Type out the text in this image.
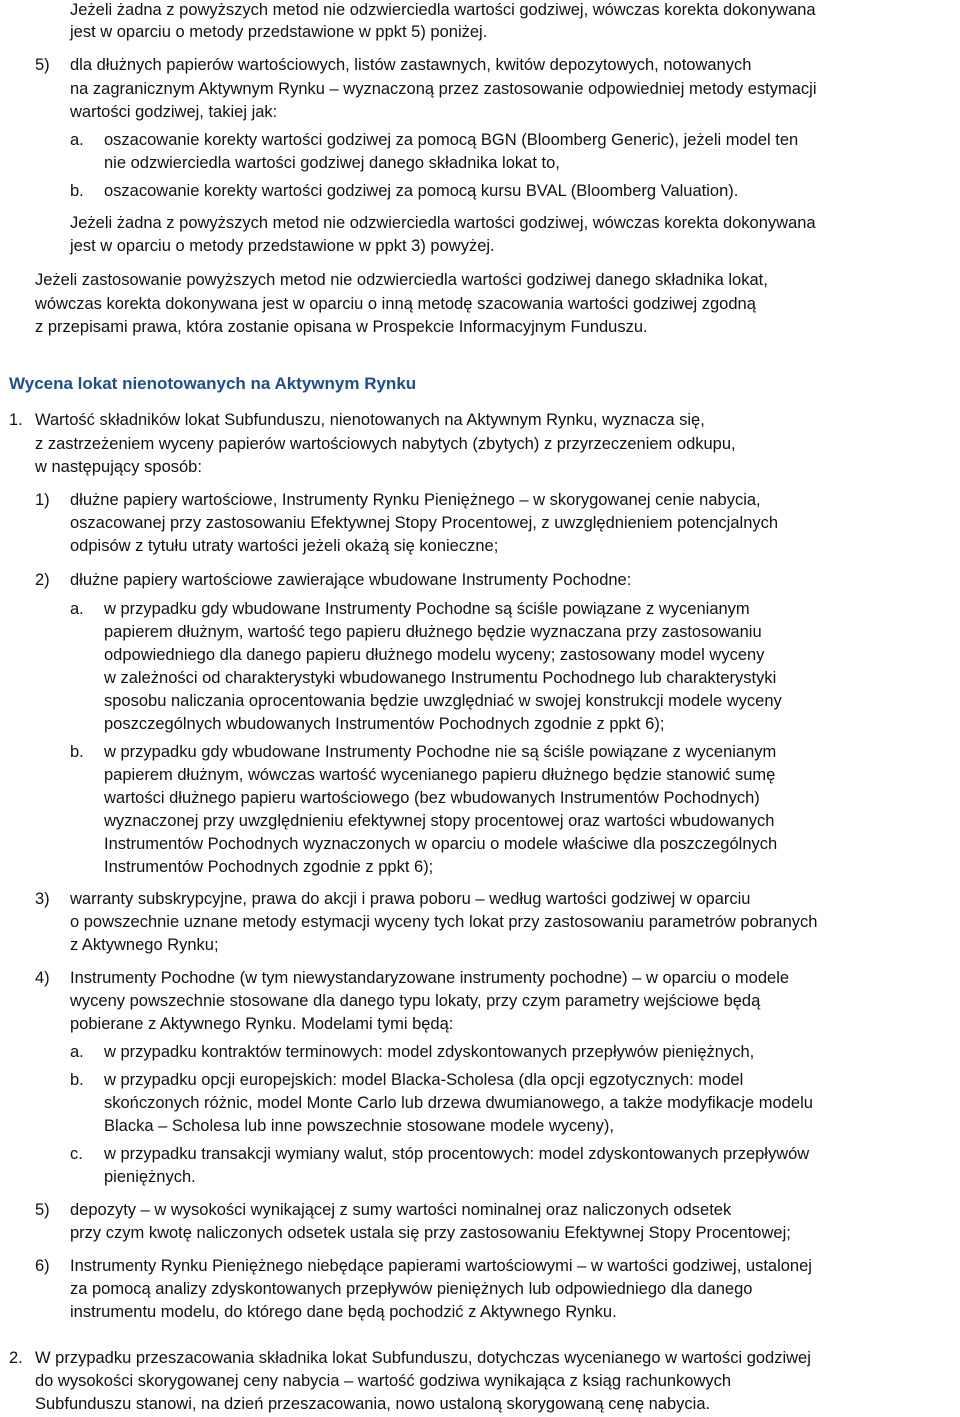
Jeżeli żadna z powyższych metod nie odzwierciedla wartości godziwej, wówczas korekta dokonywana
jest w oparciu o metody przedstawione w ppkt 5) poniżej.
5) dla dłużnych papierów wartościowych, listów zastawnych, kwitów depozytowych, notowanych
na zagranicznym Aktywnym Rynku – wyznaczoną przez zastosowanie odpowiedniej metody estymacji
wartości godziwej, takiej jak:
a. oszacowanie korekty wartości godziwej za pomocą BGN (Bloomberg Generic), jeżeli model ten
nie odzwierciedla wartości godziwej danego składnika lokat to,
b. oszacowanie korekty wartości godziwej za pomocą kursu BVAL (Bloomberg Valuation).
Jeżeli żadna z powyższych metod nie odzwierciedla wartości godziwej, wówczas korekta dokonywana
jest w oparciu o metody przedstawione w ppkt 3) powyżej.
Jeżeli zastosowanie powyższych metod nie odzwierciedla wartości godziwej danego składnika lokat,
wówczas korekta dokonywana jest w oparciu o inną metodę szacowania wartości godziwej zgodną
z przepisami prawa, która zostanie opisana w Prospekcie Informacyjnym Funduszu.
Wycena lokat nienotowanych na Aktywnym Rynku
1. Wartość składników lokat Subfunduszu, nienotowanych na Aktywnym Rynku, wyznacza się,
z zastrzeżeniem wyceny papierów wartościowych nabytych (zbytych) z przyrzeczeniem odkupu,
w następujący sposób:
1) dłużne papiery wartościowe, Instrumenty Rynku Pieniężnego – w skorygowanej cenie nabycia,
oszacowanej przy zastosowaniu Efektywnej Stopy Procentowej, z uwzględnieniem potencjalnych
odpisów z tytułu utraty wartości jeżeli okażą się konieczne;
2) dłużne papiery wartościowe zawierające wbudowane Instrumenty Pochodne:
a. w przypadku gdy wbudowane Instrumenty Pochodne są ściśle powiązane z wycenianym
papierem dłużnym, wartość tego papieru dłużnego będzie wyznaczana przy zastosowaniu
odpowiedniego dla danego papieru dłużnego modelu wyceny; zastosowany model wyceny
w zależności od charakterystyki wbudowanego Instrumentu Pochodnego lub charakterystyki
sposobu naliczania oprocentowania będzie uwzględniać w swojej konstrukcji modele wyceny
poszczególnych wbudowanych Instrumentów Pochodnych zgodnie z ppkt 6);
b. w przypadku gdy wbudowane Instrumenty Pochodne nie są ściśle powiązane z wycenianym
papierem dłużnym, wówczas wartość wycenianego papieru dłużnego będzie stanowić sumę
wartości dłużnego papieru wartościowego (bez wbudowanych Instrumentów Pochodnych)
wyznaczonej przy uwzględnieniu efektywnej stopy procentowej oraz wartości wbudowanych
Instrumentów Pochodnych wyznaczonych w oparciu o modele właściwe dla poszczególnych
Instrumentów Pochodnych zgodnie z ppkt 6);
3) warranty subskrypcyjne, prawa do akcji i prawa poboru – według wartości godziwej w oparciu
o powszechnie uznane metody estymacji wyceny tych lokat przy zastosowaniu parametrów pobranych
z Aktywnego Rynku;
4) Instrumenty Pochodne (w tym niewystandaryzowane instrumenty pochodne) – w oparciu o modele
wyceny powszechnie stosowane dla danego typu lokaty, przy czym parametry wejściowe będą
pobierane z Aktywnego Rynku. Modelami tymi będą:
a. w przypadku kontraktów terminowych: model zdyskontowanych przepływów pieniężnych,
b. w przypadku opcji europejskich: model Blacka-Scholesa (dla opcji egzotycznych: model
skończonych różnic, model Monte Carlo lub drzewa dwumianowego, a także modyfikacje modelu
Blacka – Scholesa lub inne powszechnie stosowane modele wyceny),
c. w przypadku transakcji wymiany walut, stóp procentowych: model zdyskontowanych przepływów
pieniężnych.
5) depozyty – w wysokości wynikającej z sumy wartości nominalnej oraz naliczonych odsetek
przy czym kwotę naliczonych odsetek ustala się przy zastosowaniu Efektywnej Stopy Procentowej;
6) Instrumenty Rynku Pieniężnego niebędące papierami wartościowymi – w wartości godziwej, ustalonej
za pomocą analizy zdyskontowanych przepływów pieniężnych lub odpowiedniego dla danego
instrumentu modelu, do którego dane będą pochodzić z Aktywnego Rynku.
2. W przypadku przeszacowania składnika lokat Subfunduszu, dotychczas wycenianego w wartości godziwej
do wysokości skorygowanej ceny nabycia – wartość godziwa wynikająca z ksiąg rachunkowych
Subfunduszu stanowi, na dzień przeszacowania, nowo ustaloną skorygowaną cenę nabycia.
